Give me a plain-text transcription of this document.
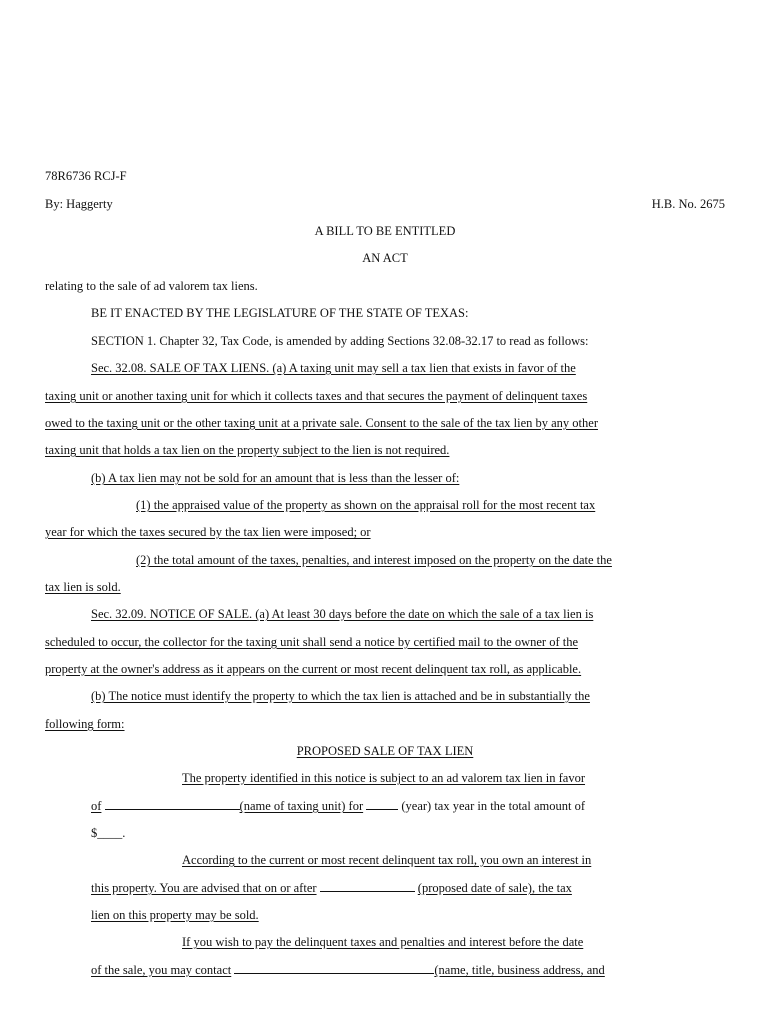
78R6736 RCJ-F
By: Haggerty	H.B. No. 2675
A BILL TO BE ENTITLED
AN ACT
relating to the sale of ad valorem tax liens.
BE IT ENACTED BY THE LEGISLATURE OF THE STATE OF TEXAS:
SECTION 1. Chapter 32, Tax Code, is amended by adding Sections 32.08-32.17 to read as follows:
Sec. 32.08. SALE OF TAX LIENS. (a) A taxing unit may sell a tax lien that exists in favor of the
taxing unit or another taxing unit for which it collects taxes and that secures the payment of delinquent taxes
owed to the taxing unit or the other taxing unit at a private sale. Consent to the sale of the tax lien by any other
taxing unit that holds a tax lien on the property subject to the lien is not required.
(b) A tax lien may not be sold for an amount that is less than the lesser of:
(1) the appraised value of the property as shown on the appraisal roll for the most recent tax
year for which the taxes secured by the tax lien were imposed; or
(2) the total amount of the taxes, penalties, and interest imposed on the property on the date the
tax lien is sold.
Sec. 32.09. NOTICE OF SALE. (a) At least 30 days before the date on which the sale of a tax lien is
scheduled to occur, the collector for the taxing unit shall send a notice by certified mail to the owner of the
property at the owner's address as it appears on the current or most recent delinquent tax roll, as applicable.
(b) The notice must identify the property to which the tax lien is attached and be in substantially the
following form:
PROPOSED SALE OF TAX LIEN
The property identified in this notice is subject to an ad valorem tax lien in favor
of	(name of taxing unit) for	(year) tax year in the total amount of
$____.
According to the current or most recent delinquent tax roll, you own an interest in
this property. You are advised that on or after	(proposed date of sale), the tax
lien on this property may be sold.
If you wish to pay the delinquent taxes and penalties and interest before the date
of the sale, you may contact	(name, title, business address, and
